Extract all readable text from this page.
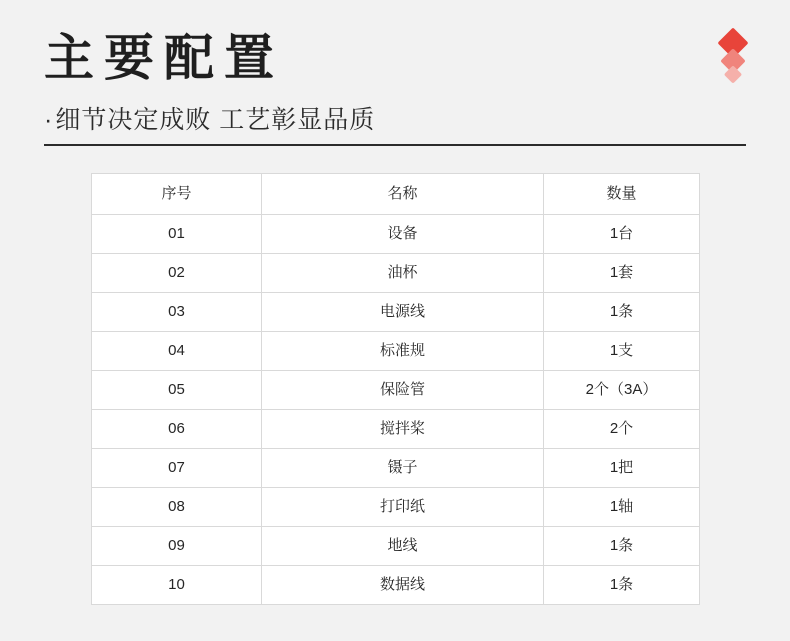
主要配置
·细节决定成败 工艺彰显品质
序号	名称	数量
01	设备	1台
02	油杯	1套
03	电源线	1条
04	标准规	1支
05	保险管	2个（3A）
06	搅拌桨	2个
07	镊子	1把
08	打印纸	1轴
09	地线	1条
10	数据线	1条
